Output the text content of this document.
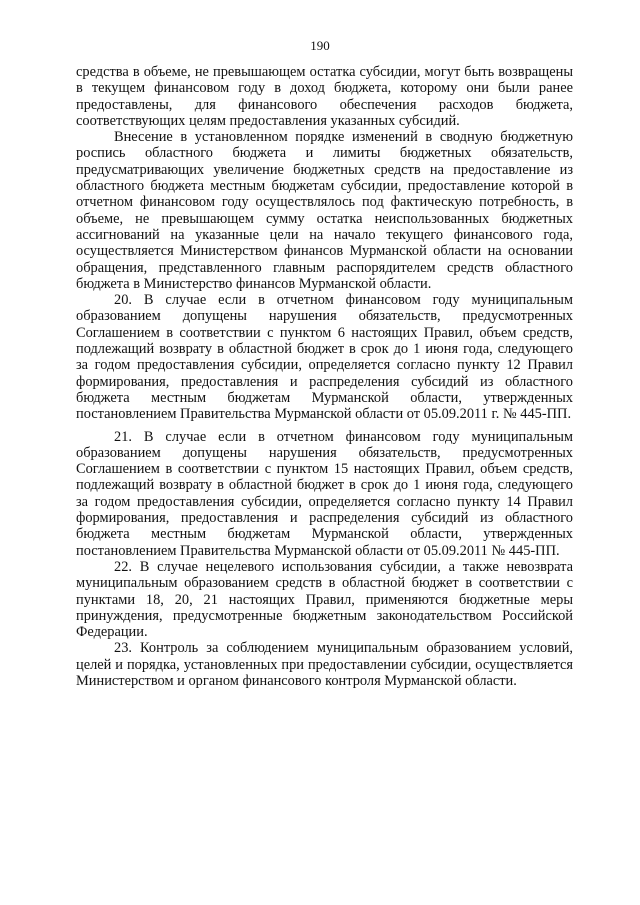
190

средства в объеме, не превышающем остатка субсидии, могут быть возвращены в текущем финансовом году в доход бюджета, которому они были ранее предоставлены, для финансового обеспечения расходов бюджета, соответствующих целям предоставления указанных субсидий.

Внесение в установленном порядке изменений в сводную бюджетную роспись областного бюджета и лимиты бюджетных обязательств, предусматривающих увеличение бюджетных средств на предоставление из областного бюджета местным бюджетам субсидии, предоставление которой в отчетном финансовом году осуществлялось под фактическую потребность, в объеме, не превышающем сумму остатка неиспользованных бюджетных ассигнований на указанные цели на начало текущего финансового года, осуществляется Министерством финансов Мурманской области на основании обращения, представленного главным распорядителем средств областного бюджета в Министерство финансов Мурманской области.

20. В случае если в отчетном финансовом году муниципальным образованием допущены нарушения обязательств, предусмотренных Соглашением в соответствии с пунктом 6 настоящих Правил, объем средств, подлежащий возврату в областной бюджет в срок до 1 июня года, следующего за годом предоставления субсидии, определяется согласно пункту 12 Правил формирования, предоставления и распределения субсидий из областного бюджета местным бюджетам Мурманской области, утвержденных постановлением Правительства Мурманской области от 05.09.2011 г. № 445-ПП.

21. В случае если в отчетном финансовом году муниципальным образованием допущены нарушения обязательств, предусмотренных Соглашением в соответствии с пунктом 15 настоящих Правил, объем средств, подлежащий возврату в областной бюджет в срок до 1 июня года, следующего за годом предоставления субсидии, определяется согласно пункту 14 Правил формирования, предоставления и распределения субсидий из областного бюджета местным бюджетам Мурманской области, утвержденных постановлением Правительства Мурманской области от 05.09.2011 № 445-ПП.

22. В случае нецелевого использования субсидии, а также невозврата муниципальным образованием средств в областной бюджет в соответствии с пунктами 18, 20, 21 настоящих Правил, применяются бюджетные меры принуждения, предусмотренные бюджетным законодательством Российской Федерации.

23. Контроль за соблюдением муниципальным образованием условий, целей и порядка, установленных при предоставлении субсидии, осуществляется Министерством и органом финансового контроля Мурманской области.
